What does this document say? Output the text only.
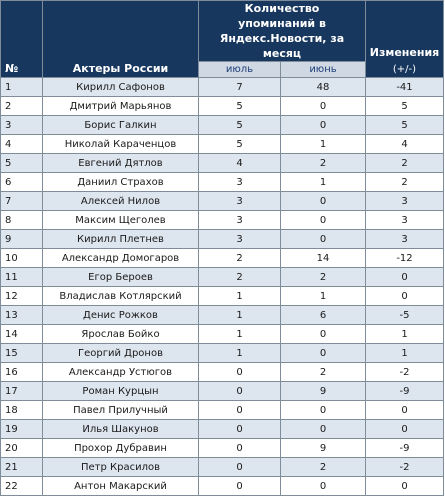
№	Актеры России	Количество упоминаний в Яндекс.Новости, за месяц		Изменения
		июль	июнь	(+/-)
1	Кирилл Сафонов	7	48	-41
2	Дмитрий Марьянов	5	0	5
3	Борис Галкин	5	0	5
4	Николай Караченцов	5	1	4
5	Евгений Дятлов	4	2	2
6	Даниил Страхов	3	1	2
7	Алексей Нилов	3	0	3
8	Максим Щеголев	3	0	3
9	Кирилл Плетнев	3	0	3
10	Александр Домогаров	2	14	-12
11	Егор Бероев	2	2	0
12	Владислав Котлярский	1	1	0
13	Денис Рожков	1	6	-5
14	Ярослав Бойко	1	0	1
15	Георгий Дронов	1	0	1
16	Александр Устюгов	0	2	-2
17	Роман Курцын	0	9	-9
18	Павел Прилучный	0	0	0
19	Илья Шакунов	0	0	0
20	Прохор Дубравин	0	9	-9
21	Петр Красилов	0	2	-2
22	Антон Макарский	0	0	0
